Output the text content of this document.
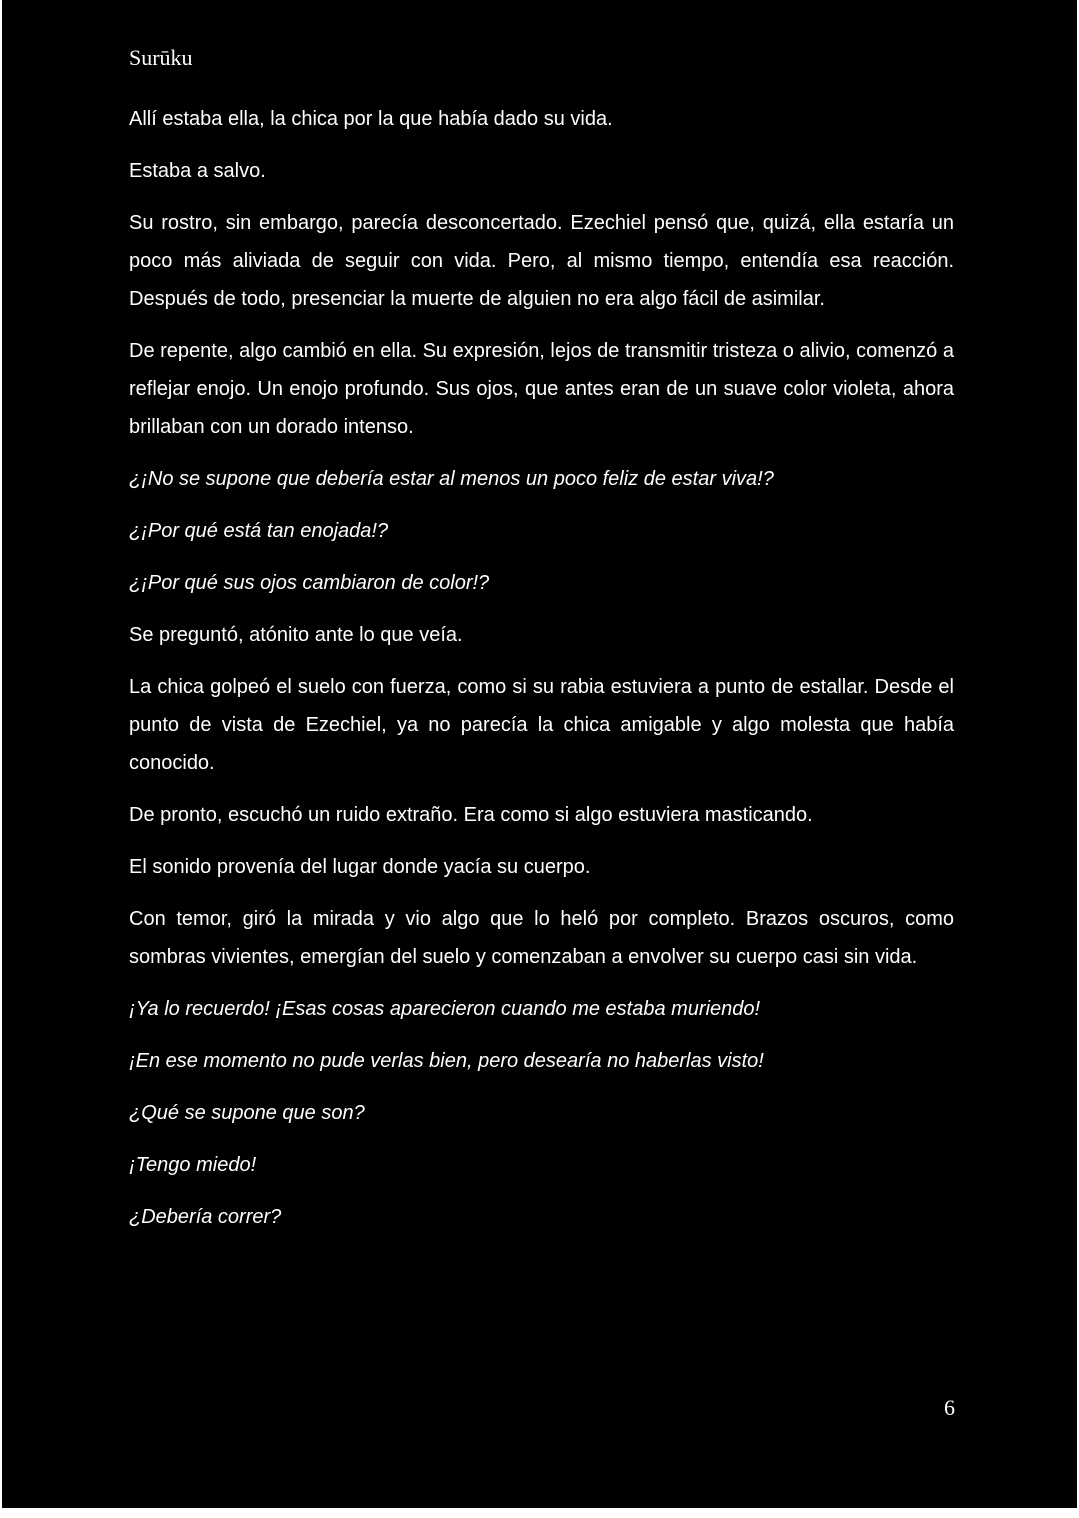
Surūku

Allí estaba ella, la chica por la que había dado su vida.

Estaba a salvo.

Su rostro, sin embargo, parecía desconcertado. Ezechiel pensó que, quizá, ella estaría un poco más aliviada de seguir con vida. Pero, al mismo tiempo, entendía esa reacción. Después de todo, presenciar la muerte de alguien no era algo fácil de asimilar.

De repente, algo cambió en ella. Su expresión, lejos de transmitir tristeza o alivio, comenzó a reflejar enojo. Un enojo profundo. Sus ojos, que antes eran de un suave color violeta, ahora brillaban con un dorado intenso.

¿¡No se supone que debería estar al menos un poco feliz de estar viva!?

¿¡Por qué está tan enojada!?

¿¡Por qué sus ojos cambiaron de color!?

Se preguntó, atónito ante lo que veía.

La chica golpeó el suelo con fuerza, como si su rabia estuviera a punto de estallar. Desde el punto de vista de Ezechiel, ya no parecía la chica amigable y algo molesta que había conocido.

De pronto, escuchó un ruido extraño. Era como si algo estuviera masticando.

El sonido provenía del lugar donde yacía su cuerpo.

Con temor, giró la mirada y vio algo que lo heló por completo. Brazos oscuros, como sombras vivientes, emergían del suelo y comenzaban a envolver su cuerpo casi sin vida.

¡Ya lo recuerdo! ¡Esas cosas aparecieron cuando me estaba muriendo!

¡En ese momento no pude verlas bien, pero desearía no haberlas visto!

¿Qué se supone que son?

¡Tengo miedo!

¿Debería correr?

6
